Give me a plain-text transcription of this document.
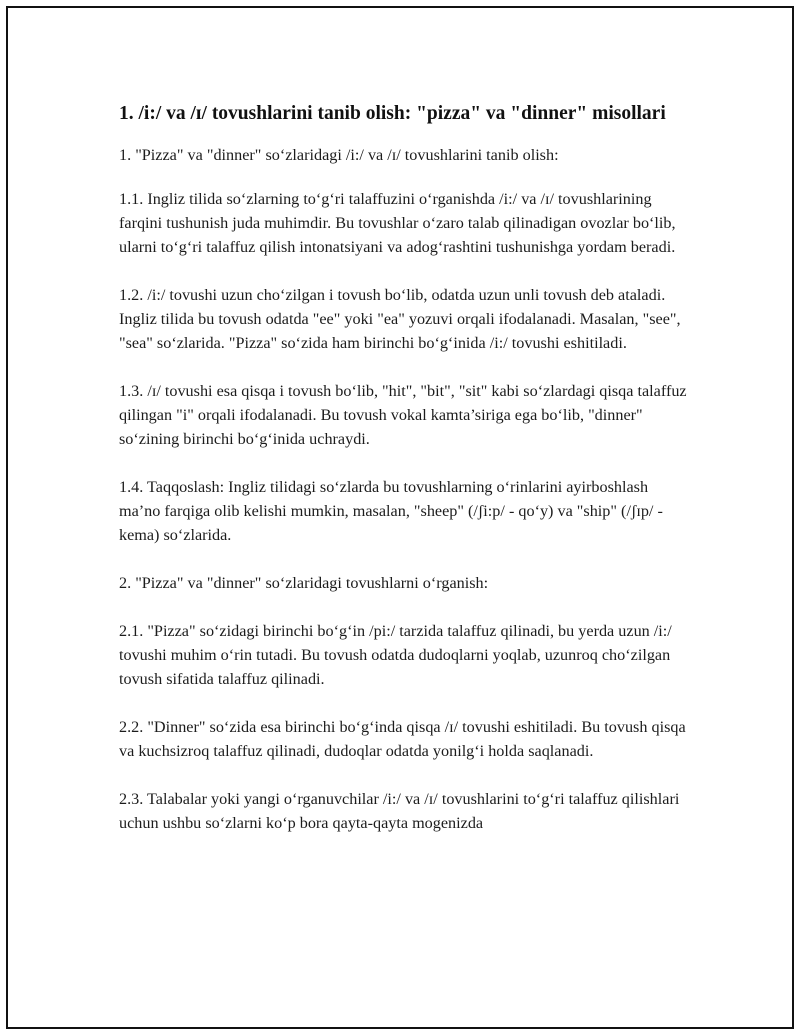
1. /i:/ va /ɪ/ tovushlarini tanib olish: "pizza" va "dinner" misollari

1. "Pizza" va "dinner" so‘zlaridagi /i:/ va /ɪ/ tovushlarini tanib olish:

1.1. Ingliz tilida so‘zlarning to‘g‘ri talaffuzini o‘rganishda /i:/ va /ɪ/ tovushlarining farqini tushunish juda muhimdir. Bu tovushlar o‘zaro talab qilinadigan ovozlar bo‘lib, ularni to‘g‘ri talaffuz qilish intonatsiyani va adog‘rashtini tushunishga yordam beradi.

1.2. /i:/ tovushi uzun cho‘zilgan i tovush bo‘lib, odatda uzun unli tovush deb ataladi. Ingliz tilida bu tovush odatda "ee" yoki "ea" yozuvi orqali ifodalanadi. Masalan, "see", "sea" so‘zlarida. "Pizza" so‘zida ham birinchi bo‘g‘inida /i:/ tovushi eshitiladi.

1.3. /ɪ/ tovushi esa qisqa i tovush bo‘lib, "hit", "bit", "sit" kabi so‘zlardagi qisqa talaffuz qilingan "i" orqali ifodalanadi. Bu tovush vokal kamta’siriga ega bo‘lib, "dinner" so‘zining birinchi bo‘g‘inida uchraydi.

1.4. Taqqoslash: Ingliz tilidagi so‘zlarda bu tovushlarning o‘rinlarini ayirboshlash ma’no farqiga olib kelishi mumkin, masalan, "sheep" (/ʃi:p/ - qo‘y) va "ship" (/ʃɪp/ - kema) so‘zlarida.

2. "Pizza" va "dinner" so‘zlaridagi tovushlarni o‘rganish:

2.1. "Pizza" so‘zidagi birinchi bo‘g‘in /pi:/ tarzida talaffuz qilinadi, bu yerda uzun /i:/ tovushi muhim o‘rin tutadi. Bu tovush odatda dudoqlarni yoqlab, uzunroq cho‘zilgan tovush sifatida talaffuz qilinadi.

2.2. "Dinner" so‘zida esa birinchi bo‘g‘inda qisqa /ɪ/ tovushi eshitiladi. Bu tovush qisqa va kuchsizroq talaffuz qilinadi, dudoqlar odatda yonilg‘i holda saqlanadi.

2.3. Talabalar yoki yangi o‘rganuvchilar /i:/ va /ɪ/ tovushlarini to‘g‘ri talaffuz qilishlari uchun ushbu so‘zlarni ko‘p bora qayta-qayta mogenizda
